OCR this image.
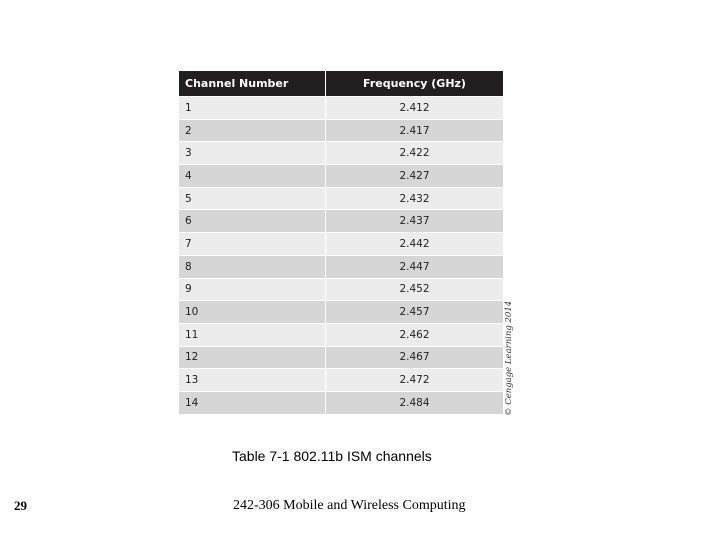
Channel Number	Frequency (GHz)
1	2.412
2	2.417
3	2.422
4	2.427
5	2.432
6	2.437
7	2.442
8	2.447
9	2.452
10	2.457
11	2.462
12	2.467
13	2.472
14	2.484	© Cengage Learning 2014
Table 7-1 802.11b ISM channels
29	242-306 Mobile and Wireless Computing
